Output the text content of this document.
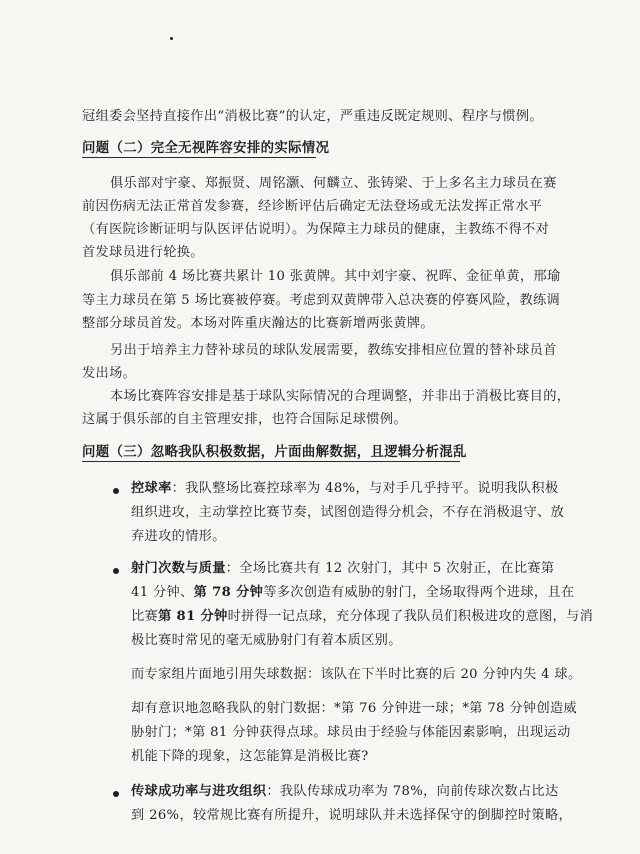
冠组委会坚持直接作出“消极比赛”的认定，严重违反既定规则、程序与惯例。
问题（二）完全无视阵容安排的实际情况
俱乐部对宇豪、郑振贤、周铭灏、何麟立、张铸梁、于上多名主力球员在赛
前因伤病无法正常首发参赛，经诊断评估后确定无法登场或无法发挥正常水平
（有医院诊断证明与队医评估说明）。为保障主力球员的健康，主教练不得不对
首发球员进行轮换。
俱乐部前 4 场比赛共累计 10 张黄牌。其中刘宇豪、祝晖、金征单黄，邢瑜
等主力球员在第 5 场比赛被停赛。考虑到双黄牌带入总决赛的停赛风险，教练调
整部分球员首发。本场对阵重庆瀚达的比赛新增两张黄牌。
另出于培养主力替补球员的球队发展需要，教练安排相应位置的替补球员首
发出场。
本场比赛阵容安排是基于球队实际情况的合理调整，并非出于消极比赛目的，
这属于俱乐部的自主管理安排，也符合国际足球惯例。
问题（三）忽略我队积极数据，片面曲解数据，且逻辑分析混乱
控球率：我队整场比赛控球率为 48%，与对手几乎持平。说明我队积极
组织进攻，主动掌控比赛节奏，试图创造得分机会，不存在消极退守、放
弃进攻的情形。
射门次数与质量：全场比赛共有 12 次射门，其中 5 次射正，在比赛第
41 分钟、第 78 分钟等多次创造有威胁的射门，全场取得两个进球，且在
比赛第 81 分钟时拼得一记点球，充分体现了我队员们积极进攻的意图，与消
极比赛时常见的毫无威胁射门有着本质区别。
而专家组片面地引用失球数据：该队在下半时比赛的后 20 分钟内失 4 球。
却有意识地忽略我队的射门数据：*第 76 分钟进一球；*第 78 分钟创造威
胁射门；*第 81 分钟获得点球。球员由于经验与体能因素影响，出现运动
机能下降的现象，这怎能算是消极比赛?
传球成功率与进攻组织：我队传球成功率为 78%，向前传球次数占比达
到 26%，较常规比赛有所提升，说明球队并未选择保守的倒脚控时策略，
